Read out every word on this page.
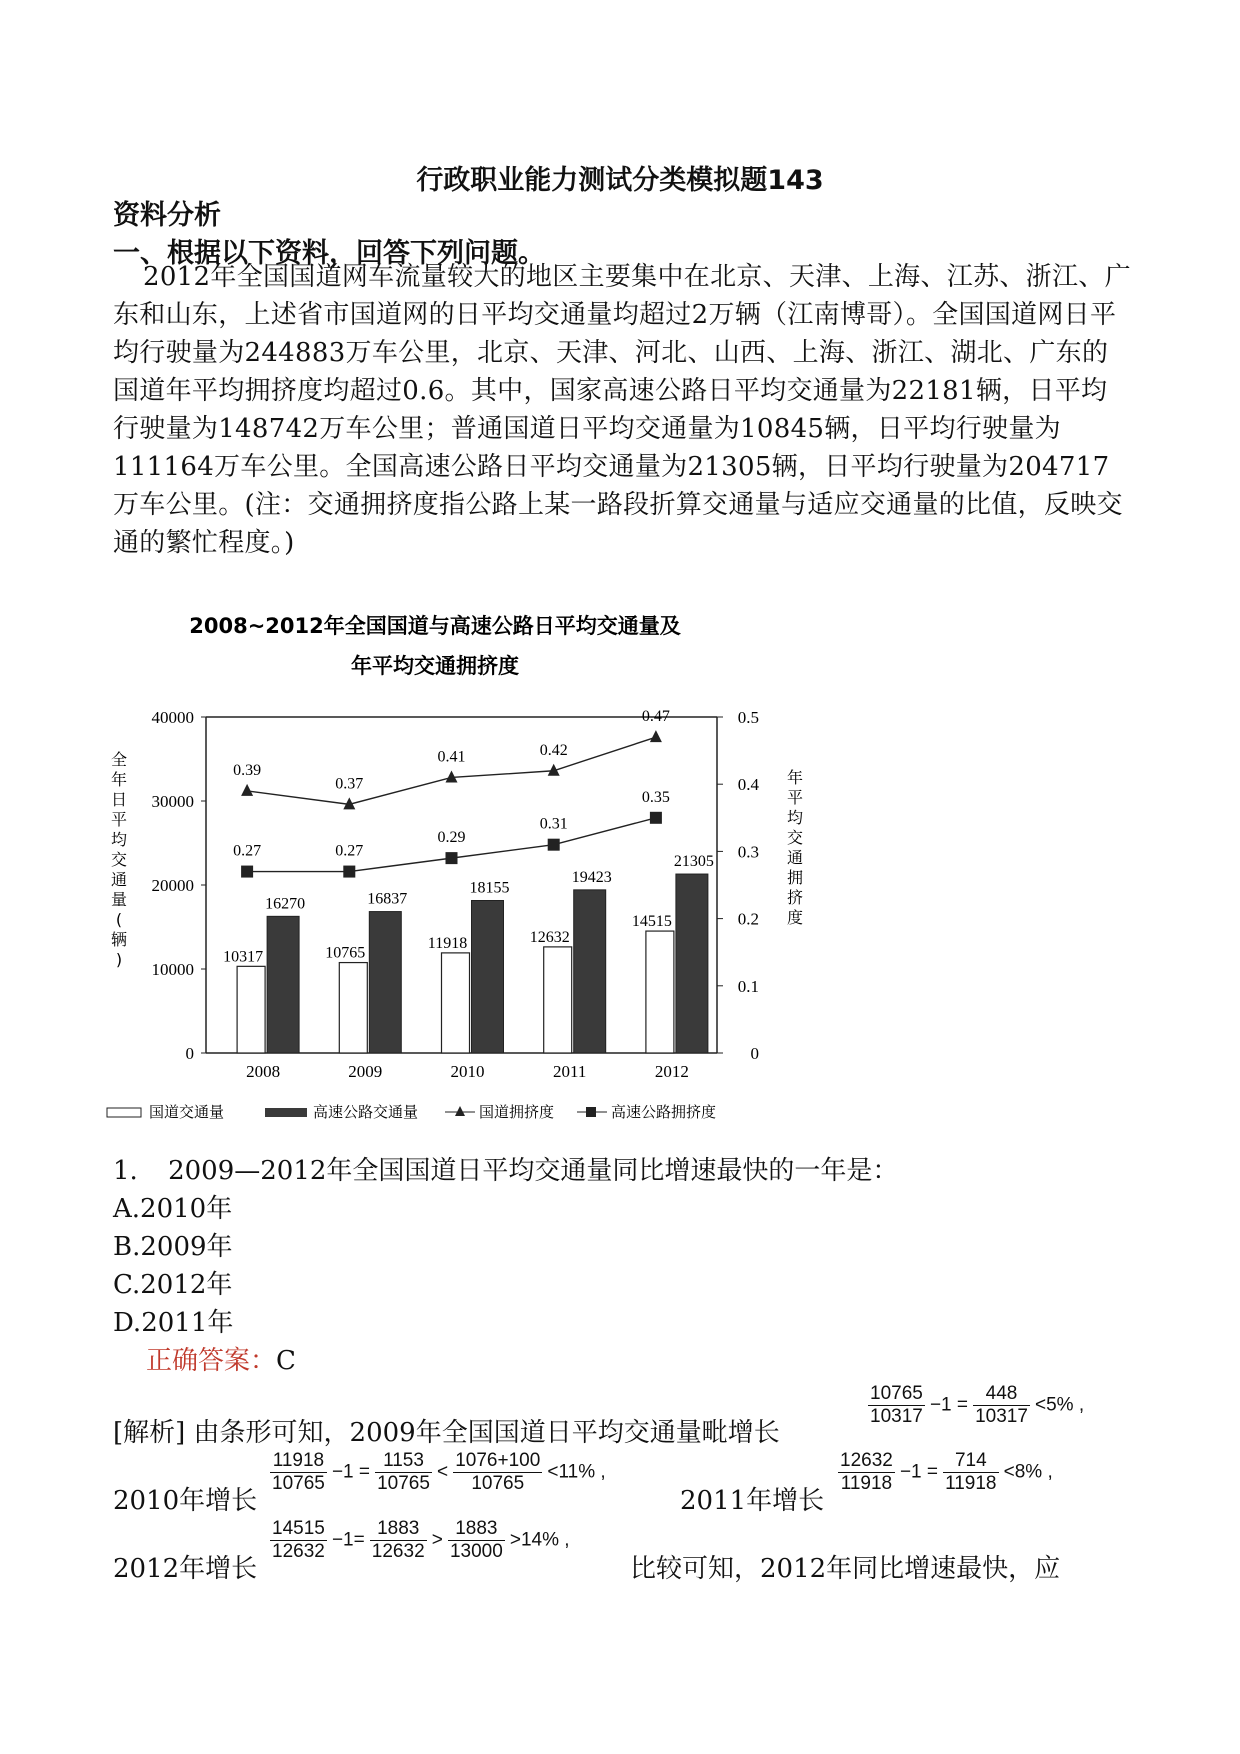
行政职业能力测试分类模拟题143
资料分析
一、根据以下资料，回答下列问题。

2012年全国国道网车流量较大的地区主要集中在北京、天津、上海、江苏、浙江、广东和山东，上述省市国道网的日平均交通量均超过2万辆（江南博哥）。全国国道网日平均行驶量为244883万车公里，北京、天津、河北、山西、上海、浙江、湖北、广东的国道年平均拥挤度均超过0.6。其中，国家高速公路日平均交通量为22181辆，日平均行驶量为148742万车公里；普通国道日平均交通量为10845辆，日平均行驶量为111164万车公里。全国高速公路日平均交通量为21305辆，日平均行驶量为204717万车公里。(注：交通拥挤度指公路上某一路段折算交通量与适应交通量的比值，反映交通的繁忙程度。)

2008~2012年全国国道与高速公路日平均交通量及
年平均交通拥挤度
0
10000
20000
30000
40000
0
0.1
0.2
0.3
0.4
0.5
全
年
日
平
均
交
通
量
(
辆
)
年
平
均
交
通
拥
挤
度
10317
16270
2008
10765
16837
2009
11918
18155
2010
12632
19423
2011
14515
21305
2012
0.39
0.37
0.41	0.42
0.47
0.27	0.27
0.29
0.31
0.35
国道交通量	高速公路交通量	国道拥挤度	高速公路拥挤度
1. 2009—2012年全国国道日平均交通量同比增速最快的一年是：
A.2010年
B.2009年
C.2012年
D.2011年
正确答案：C
[解析] 由条形可知，2009年全国国道日平均交通量毗增长
$\frac{10765}{10317} -1 = \frac{448}{10317} <5\%$ ,
2010年增长
$\frac{11918}{10765} -1 = \frac{1153}{10765} < \frac{1076+100}{10765} <11\%$ ,
2011年增长
$\frac{12632}{11918} -1 = \frac{714}{11918} <8\%$ ,
2012年增长
$\frac{14515}{12632} -1= \frac{1883}{12632} > \frac{1883}{13000} >14\%$ ,
比较可知，2012年同比增速最快，应
